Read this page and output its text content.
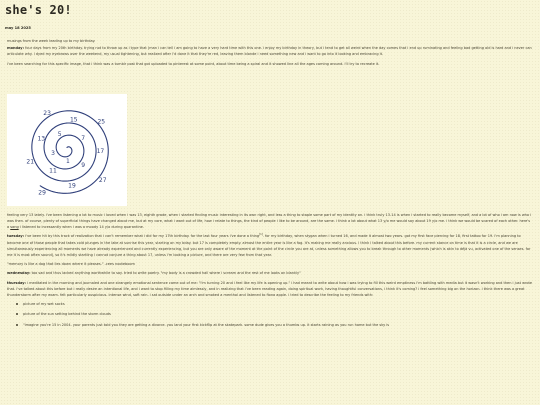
she's 20!
may 18 2025

musings from the week leading up to my birthday.

monday: four days from my 20th birthday. trying not to throw up as i type that (man i can tell i am going to have a very hard time with this one. i enjoy my birthday in theory, but i tend to get all weird when the day comes that i end up ruminating and feeling bad getting old is hard and i never can articulate why. i dyed my eyebrows over the weekend, my usual tightening, but realized after i'd done it that they're red, leaving them blonde i need something new and i want to go into it looking and embracing it.

i've been searching for this specific image, that i think was a tumblr post that got uploaded to pinterest at some point, about time being a spiral and it showed line all the ages coming around. i'll try to recreate it.

1
3
5
7
9
11
13
15
17
19
21
23
25
27
29

feeling very 13 lately. i've been listening a lot to music i loved when i was 13, eighth grade, when i started finding music interesting in its own right, and less a thing to staple some part of my identity on. i think truly 13-14 is when i started to really become myself, and a lot of who i am now is who i was then. of course, plenty of superficial things have changed about me, but at my core, what i want out of life, how i relate to things, the kind of people i like to be around, are the same. i think a lot about what 13 y/o me would say about 19 y/o me. i think we would be scared of each other. here's a song i listened to incessantly when i was a moody 14 y/o during quarantine.

tuesday: i've been hit by this track of realization that i can't remember what i did for my 17th birthday. for the last four years i've done a thing[1]. for my birthday, when stygan when i turned 16, and made it almost two years. got my first face piercing for 18, first tattoo for 19. i'm planning to become one of those people that takes cold plunges in the lake at sunrise this year, starting on my bday. but 17 is completely empty. almost the entire year is like a fog. it's making me really anxious. i think i talked about this before. my current stance on time is that it is a circle, and we are simultaneously experiencing all moments we have already experienced and currently experiencing, but you are only aware of the moment at the point of the circle you are at, unless something allows you to break through to other moments (which is akin to déjà vu, activated one of the senses. for me it is most often sound), so it's mildly startling i cannot conjure a thing about 17, unless i'm looking a picture, and there are very few from that year.

"memory is like a dog that lies down where it pleases." -cees nooteboom

wednesday: too sad and thus lacked anything worthwhile to say. tried to write poetry. "my body is a crowded hall where i scream and the rest of me looks on blankly"

thursday: i meditated in the morning and journaled and one strangely emotional sentence came out of me: "i'm turning 20 and i feel like my life is opening up." i had meant to write about how i was trying to fill this weird emptiness i'm battling with media but it wasn't working and then i just wrote that. i've talked about this before but i really desire an intentional life, and i want to stop filling my time aimlessly, and in realizing that i've been reading again, doing spiritual work, having thoughtful conversations, i think it's coming? i feel something big on the horizon. i think there was a great thunderstorm after my exam. felt particularly auspicious. intense wind, soft rain. i sat outside under an arch and smoked a menthol and listened to fiona apple. i tried to describe the feeling to my friends with:

picture of my wet socks
picture of the sun setting behind the storm clouds
"imagine you're 15 in 2004. your parents just told you they are getting a divorce. you land your first kickflip at the skatepark. some dude gives you a thumbs up. it starts raining as you run home but the sky is
